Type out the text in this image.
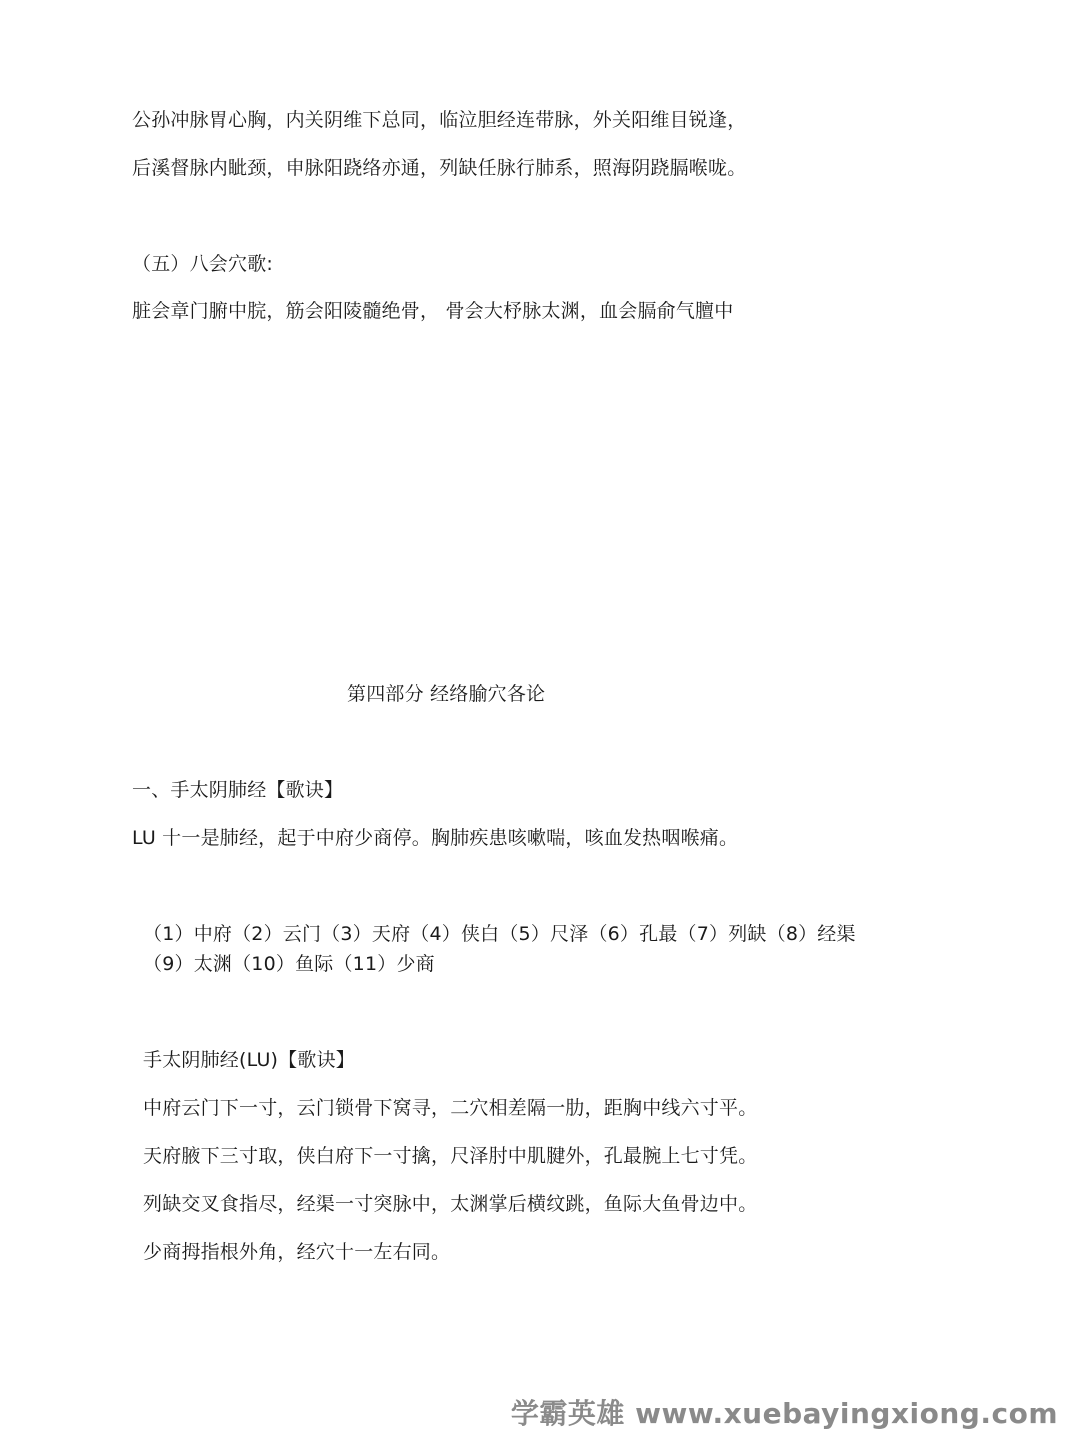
公孙冲脉胃心胸，内关阴维下总同，临泣胆经连带脉，外关阳维目锐逢，
后溪督脉内眦颈，申脉阳跷络亦通，列缺任脉行肺系，照海阴跷膈喉咙。
（五）八会穴歌:
脏会章门腑中脘，筋会阳陵髓绝骨， 骨会大杼脉太渊，血会膈俞气膻中
第四部分 经络腧穴各论
一、手太阴肺经【歌诀】
LU 十一是肺经，起于中府少商停。胸肺疾患咳嗽喘，咳血发热咽喉痛。
（1）中府（2）云门（3）天府（4）侠白（5）尺泽（6）孔最（7）列缺（8）经渠
（9）太渊（10）鱼际（11）少商
手太阴肺经(LU)【歌诀】
中府云门下一寸，云门锁骨下窝寻，二穴相差隔一肋，距胸中线六寸平。
天府腋下三寸取，侠白府下一寸擒，尺泽肘中肌腱外，孔最腕上七寸凭。
列缺交叉食指尽，经渠一寸突脉中，太渊掌后横纹跳，鱼际大鱼骨边中。
少商拇指根外角，经穴十一左右同。
学霸英雄 www.xuebayingxiong.com
